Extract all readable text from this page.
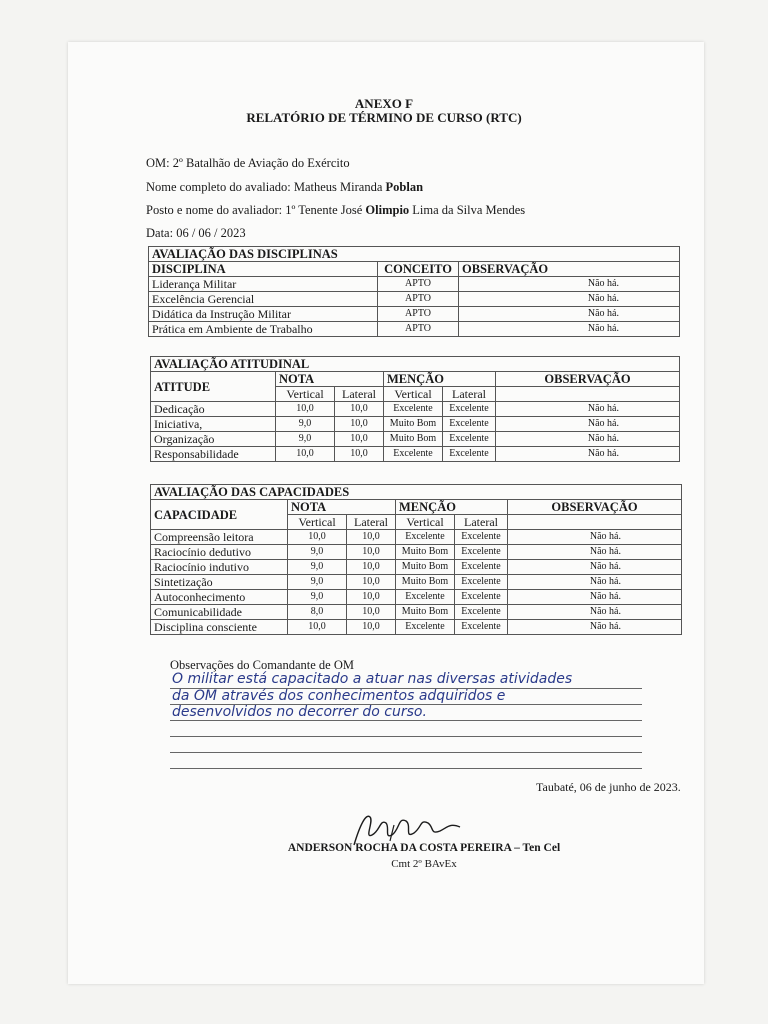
ANEXO F
RELATÓRIO DE TÉRMINO DE CURSO (RTC)
OM: 2º Batalhão de Aviação do Exército
Nome completo do avaliado: Matheus Miranda Poblan
Posto e nome do avaliador: 1º Tenente José Olimpio Lima da Silva Mendes
Data: 06 / 06 / 2023
AVALIAÇÃO DAS DISCIPLINAS		
DISCIPLINA	CONCEITO	OBSERVAÇÃO
Liderança Militar	APTO	Não há.
Excelência Gerencial	APTO	Não há.
Didática da Instrução Militar	APTO	Não há.
Prática em Ambiente de Trabalho	APTO	Não há.
AVALIAÇÃO ATITUDINAL					
ATITUDE	NOTA		MENÇÃO		OBSERVAÇÃO
	Vertical	Lateral	Vertical	Lateral	
Dedicação	10,0	10,0	Excelente	Excelente	Não há.
Iniciativa,	9,0	10,0	Muito Bom	Excelente	Não há.
Organização	9,0	10,0	Muito Bom	Excelente	Não há.
Responsabilidade	10,0	10,0	Excelente	Excelente	Não há.
AVALIAÇÃO DAS CAPACIDADES					
CAPACIDADE	NOTA		MENÇÃO		OBSERVAÇÃO
	Vertical	Lateral	Vertical	Lateral	
Compreensão leitora	10,0	10,0	Excelente	Excelente	Não há.
Raciocínio dedutivo	9,0	10,0	Muito Bom	Excelente	Não há.
Raciocínio indutivo	9,0	10,0	Muito Bom	Excelente	Não há.
Sintetização	9,0	10,0	Muito Bom	Excelente	Não há.
Autoconhecimento	9,0	10,0	Excelente	Excelente	Não há.
Comunicabilidade	8,0	10,0	Muito Bom	Excelente	Não há.
Disciplina consciente	10,0	10,0	Excelente	Excelente	Não há.
Observações do Comandante de OM
O militar está capacitado a atuar nas diversas atividades
da OM através dos conhecimentos adquiridos e
desenvolvidos no decorrer do curso.
Taubaté, 06 de junho de 2023.
ANDERSON ROCHA DA COSTA PEREIRA – Ten Cel
Cmt 2º BAvEx
